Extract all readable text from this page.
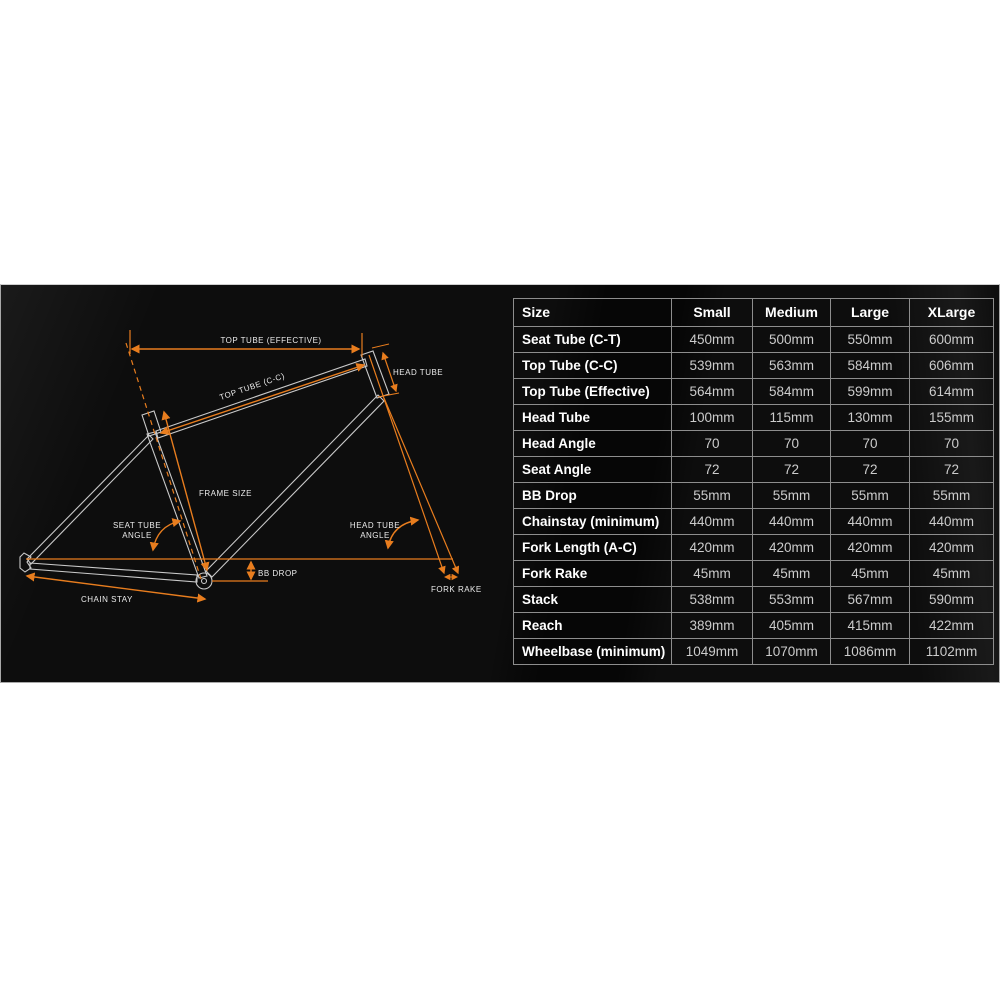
TOP TUBE (EFFECTIVE)
TOP TUBE (C-C)	HEAD TUBE
FRAME SIZE
SEAT TUBE
ANGLE
HEAD TUBE
ANGLE
BB DROP
CHAIN STAY
FORK RAKE
Size	Small	Medium	Large	XLarge
Seat Tube (C-T)	450mm	500mm	550mm	600mm
Top Tube (C-C)	539mm	563mm	584mm	606mm
Top Tube (Effective)	564mm	584mm	599mm	614mm
Head Tube	100mm	115mm	130mm	155mm
Head Angle	70	70	70	70
Seat Angle	72	72	72	72
BB Drop	55mm	55mm	55mm	55mm
Chainstay (minimum)	440mm	440mm	440mm	440mm
Fork Length (A-C)	420mm	420mm	420mm	420mm
Fork Rake	45mm	45mm	45mm	45mm
Stack	538mm	553mm	567mm	590mm
Reach	389mm	405mm	415mm	422mm
Wheelbase (minimum)	1049mm	1070mm	1086mm	1102mm
